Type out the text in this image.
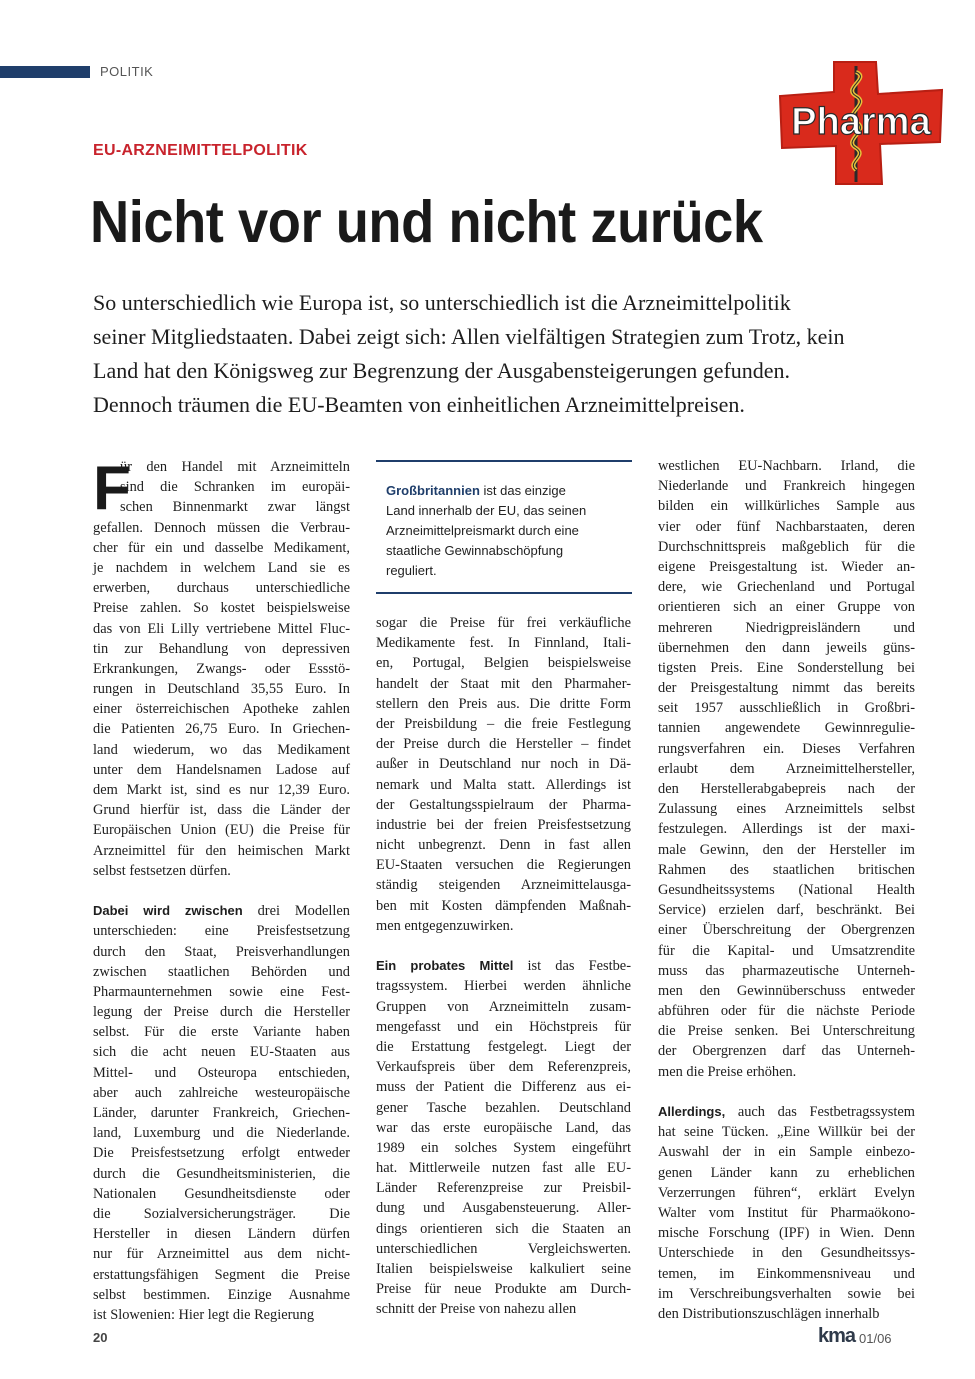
POLITIK
Pharma
EU-ARZNEIMITTELPOLITIK
Nicht vor und nicht zurück
So unterschiedlich wie Europa ist, so unterschiedlich ist die Arzneimittelpolitik
seiner Mitgliedstaaten. Dabei zeigt sich: Allen vielfältigen Strategien zum Trotz, kein
Land hat den Königsweg zur Begrenzung der Ausgabensteigerungen gefunden.
Dennoch träumen die EU-Beamten von einheitlichen Arzneimittelpreisen.
F
ür den Handel mit Arzneimitteln
sind die Schranken im europäi-
schen Binnenmarkt zwar längst
gefallen. Dennoch müssen die Verbrau-
cher für ein und dasselbe Medikament,
je nachdem in welchem Land sie es
erwerben, durchaus unterschiedliche
Preise zahlen. So kostet beispielsweise
das von Eli Lilly vertriebene Mittel Fluc-
tin zur Behandlung von depressiven
Erkrankungen, Zwangs- oder Essstö-
rungen in Deutschland 35,55 Euro. In
einer österreichischen Apotheke zahlen
die Patienten 26,75 Euro. In Griechen-
land wiederum, wo das Medikament
unter dem Handelsnamen Ladose auf
dem Markt ist, sind es nur 12,39 Euro.
Grund hierfür ist, dass die Länder der
Europäischen Union (EU) die Preise für
Arzneimittel für den heimischen Markt
selbst festsetzen dürfen.
Dabei wird zwischen drei Modellen
unterschieden: eine Preisfestsetzung
durch den Staat, Preisverhandlungen
zwischen staatlichen Behörden und
Pharmaunternehmen sowie eine Fest-
legung der Preise durch die Hersteller
selbst. Für die erste Variante haben
sich die acht neuen EU-Staaten aus
Mittel- und Osteuropa entschieden,
aber auch zahlreiche westeuropäische
Länder, darunter Frankreich, Griechen-
land, Luxemburg und die Niederlande.
Die Preisfestsetzung erfolgt entweder
durch die Gesundheitsministerien, die
Nationalen Gesundheitsdienste oder
die Sozialversicherungsträger. Die
Hersteller in diesen Ländern dürfen
nur für Arzneimittel aus dem nicht-
erstattungsfähigen Segment die Preise
selbst bestimmen. Einzige Ausnahme
ist Slowenien: Hier legt die Regierung
Großbritannien ist das einzige
Land innerhalb der EU, das seinen
Arzneimittelpreismarkt durch eine
staatliche Gewinnabschöpfung
reguliert.
sogar die Preise für frei verkäufliche
Medikamente fest. In Finnland, Itali-
en, Portugal, Belgien beispielsweise
handelt der Staat mit den Pharmaher-
stellern den Preis aus. Die dritte Form
der Preisbildung – die freie Festlegung
der Preise durch die Hersteller – findet
außer in Deutschland nur noch in Dä-
nemark und Malta statt. Allerdings ist
der Gestaltungsspielraum der Pharma-
industrie bei der freien Preisfestsetzung
nicht unbegrenzt. Denn in fast allen
EU-Staaten versuchen die Regierungen
ständig steigenden Arzneimittelausga-
ben mit Kosten dämpfenden Maßnah-
men entgegenzuwirken.
Ein probates Mittel ist das Festbe-
tragssystem. Hierbei werden ähnliche
Gruppen von Arzneimitteln zusam-
mengefasst und ein Höchstpreis für
die Erstattung festgelegt. Liegt der
Verkaufspreis über dem Referenzpreis,
muss der Patient die Differenz aus ei-
gener Tasche bezahlen. Deutschland
war das erste europäische Land, das
1989 ein solches System eingeführt
hat. Mittlerweile nutzen fast alle EU-
Länder Referenzpreise zur Preisbil-
dung und Ausgabensteuerung. Aller-
dings orientieren sich die Staaten an
unterschiedlichen Vergleichswerten.
Italien beispielsweise kalkuliert seine
Preise für neue Produkte am Durch-
schnitt der Preise von nahezu allen
westlichen EU-Nachbarn. Irland, die
Niederlande und Frankreich hingegen
bilden ein willkürliches Sample aus
vier oder fünf Nachbarstaaten, deren
Durchschnittspreis maßgeblich für die
eigene Preisgestaltung ist. Wieder an-
dere, wie Griechenland und Portugal
orientieren sich an einer Gruppe von
mehreren Niedrigpreisländern und
übernehmen den dann jeweils güns-
tigsten Preis. Eine Sonderstellung bei
der Preisgestaltung nimmt das bereits
seit 1957 ausschließlich in Großbri-
tannien angewendete Gewinnregulie-
rungsverfahren ein. Dieses Verfahren
erlaubt dem Arzneimittelhersteller,
den Herstellerabgabepreis nach der
Zulassung eines Arzneimittels selbst
festzulegen. Allerdings ist der maxi-
male Gewinn, den der Hersteller im
Rahmen des staatlichen britischen
Gesundheitssystems (National Health
Service) erzielen darf, beschränkt. Bei
einer Überschreitung der Obergrenzen
für die Kapital- und Umsatzrendite
muss das pharmazeutische Unterneh-
men den Gewinnüberschuss entweder
abführen oder für die nächste Periode
die Preise senken. Bei Unterschreitung
der Obergrenzen darf das Unterneh-
men die Preise erhöhen.
Allerdings, auch das Festbetragssystem
hat seine Tücken. „Eine Willkür bei der
Auswahl der in ein Sample einbezo-
genen Länder kann zu erheblichen
Verzerrungen führen“, erklärt Evelyn
Walter vom Institut für Pharmaökono-
mische Forschung (IPF) in Wien. Denn
Unterschiede in den Gesundheitssys-
temen, im Einkommensniveau und
im Verschreibungsverhalten sowie bei
den Distributionszuschlägen innerhalb
20	kma 01/06
